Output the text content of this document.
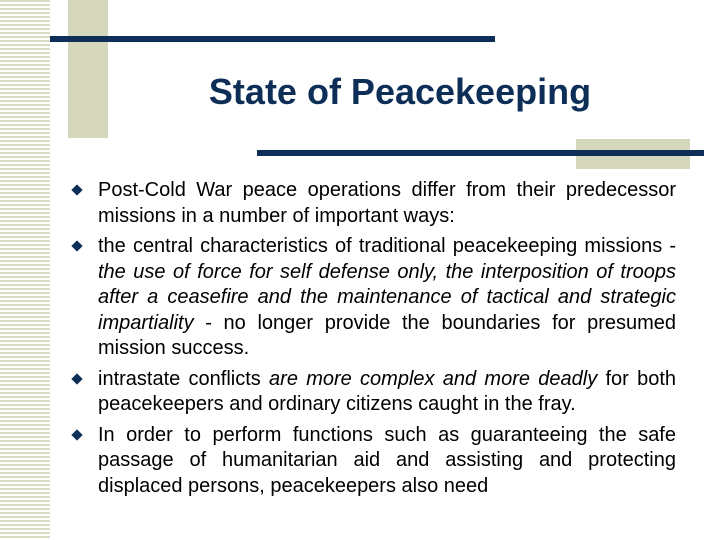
State of Peacekeeping
Post-Cold War peace operations differ from their predecessor missions in a number of important ways:
the central characteristics of traditional peacekeeping missions - the use of force for self defense only, the interposition of troops after a ceasefire and the maintenance of tactical and strategic impartiality - no longer provide the boundaries for presumed mission success.
intrastate conflicts are more complex and more deadly for both peacekeepers and ordinary citizens caught in the fray.
In order to perform functions such as guaranteeing the safe passage of humanitarian aid and assisting and protecting displaced persons, peacekeepers also need
